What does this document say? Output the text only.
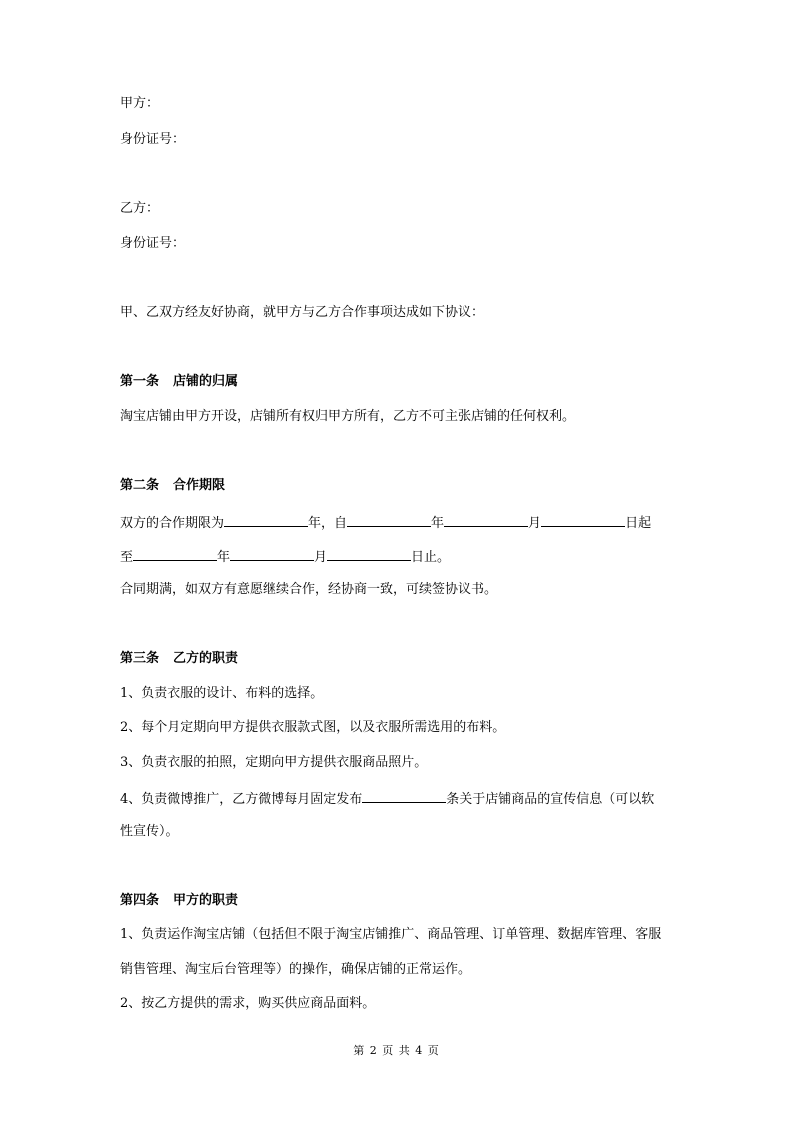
甲方：
身份证号：
乙方：
身份证号：
甲、乙双方经友好协商，就甲方与乙方合作事项达成如下协议：
第一条 店铺的归属
淘宝店铺由甲方开设，店铺所有权归甲方所有，乙方不可主张店铺的任何权利。
第二条 合作期限
双方的合作期限为	年，自	年	月	日起
至	年	月	日止。
合同期满，如双方有意愿继续合作，经协商一致，可续签协议书。
第三条 乙方的职责
1、负责衣服的设计、布料的选择。
2、每个月定期向甲方提供衣服款式图，以及衣服所需选用的布料。
3、负责衣服的拍照，定期向甲方提供衣服商品照片。
4、负责微博推广，乙方微博每月固定发布	条关于店铺商品的宣传信息（可以软
性宣传）。
第四条 甲方的职责
1、负责运作淘宝店铺（包括但不限于淘宝店铺推广、商品管理、订单管理、数据库管理、客服
销售管理、淘宝后台管理等）的操作，确保店铺的正常运作。
2、按乙方提供的需求，购买供应商品面料。
第 2 页 共 4 页
